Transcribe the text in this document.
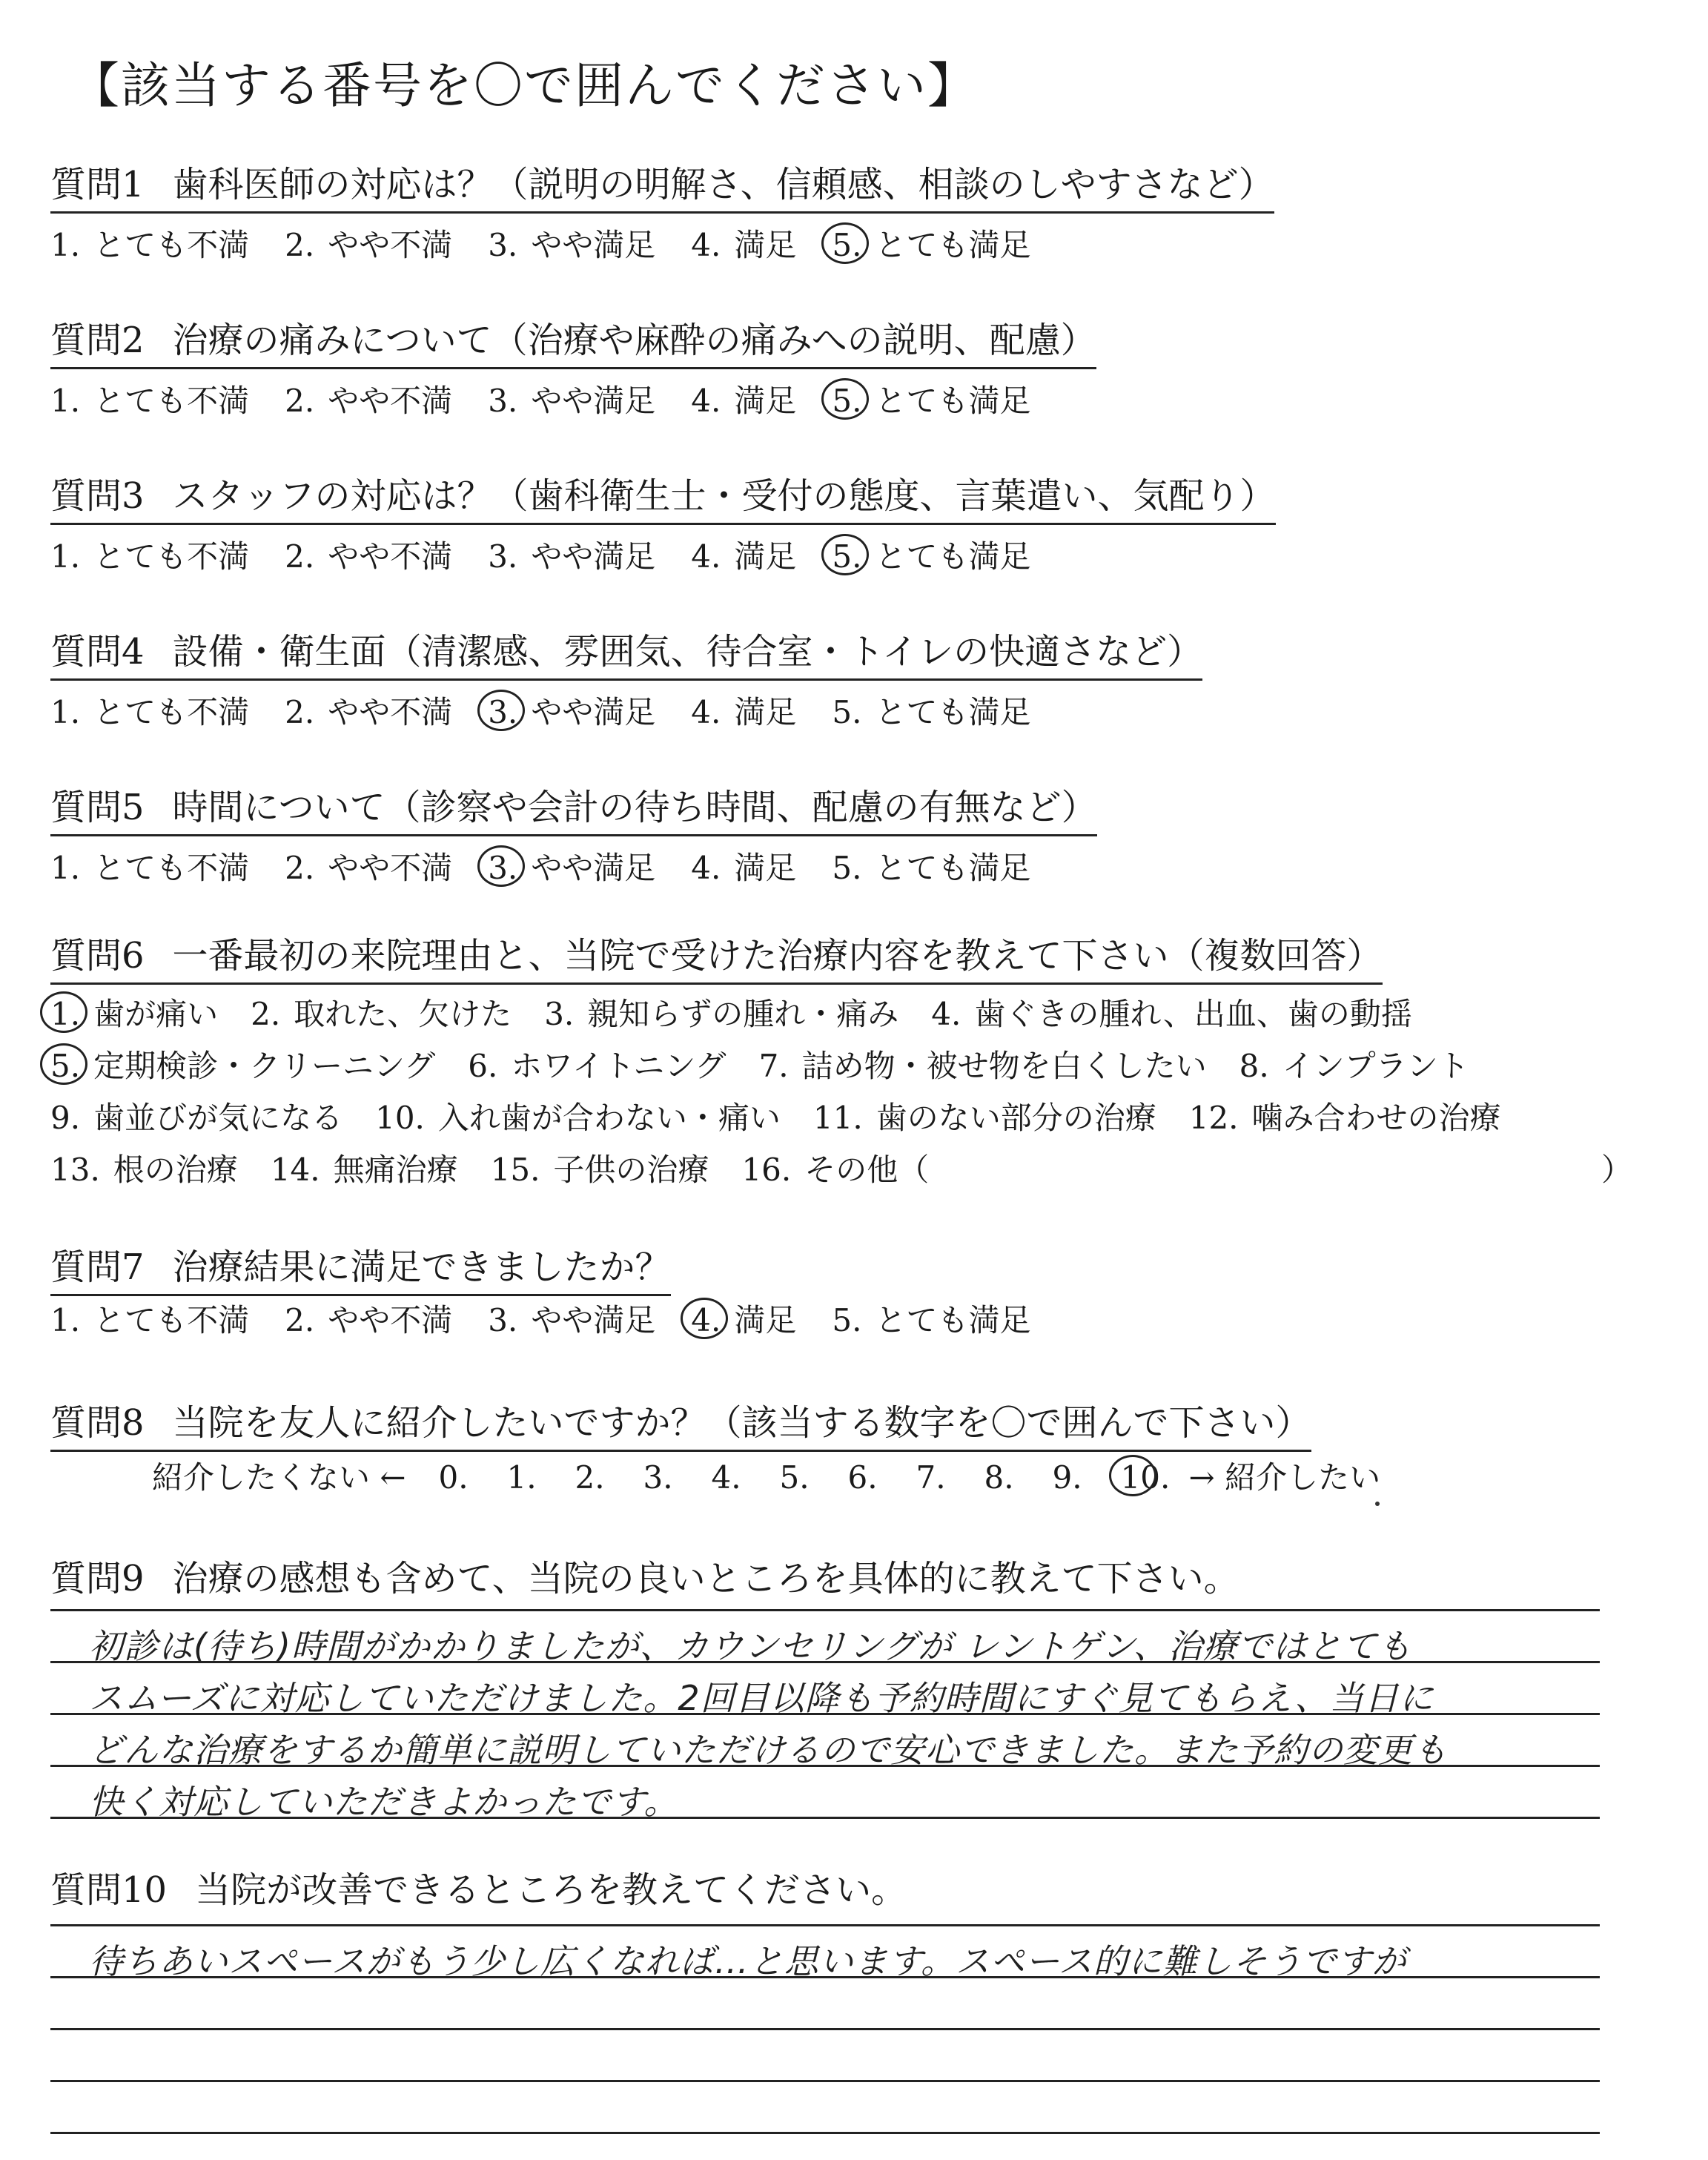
【該当する番号を〇で囲んでください】
質問1 歯科医師の対応は？（説明の明解さ、信頼感、相談のしやすさなど）
1. とても不満 2. やや不満 3. やや満足 4. 満足 5. とても満足
質問2 治療の痛みについて（治療や麻酔の痛みへの説明、配慮）
1. とても不満 2. やや不満 3. やや満足 4. 満足 5. とても満足
質問3 スタッフの対応は？（歯科衛生士・受付の態度、言葉遣い、気配り）
1. とても不満 2. やや不満 3. やや満足 4. 満足 5. とても満足
質問4 設備・衛生面（清潔感、雰囲気、待合室・トイレの快適さなど）
1. とても不満 2. やや不満 3. やや満足 4. 満足 5. とても満足
質問5 時間について（診察や会計の待ち時間、配慮の有無など）
1. とても不満 2. やや不満 3. やや満足 4. 満足 5. とても満足
質問6 一番最初の来院理由と、当院で受けた治療内容を教えて下さい（複数回答）
1. 歯が痛い 2. 取れた、欠けた 3. 親知らずの腫れ・痛み 4. 歯ぐきの腫れ、出血、歯の動揺
5. 定期検診・クリーニング 6. ホワイトニング 7. 詰め物・被せ物を白くしたい 8. インプラント
9. 歯並びが気になる 10. 入れ歯が合わない・痛い 11. 歯のない部分の治療 12. 噛み合わせの治療
13. 根の治療 14. 無痛治療 15. 子供の治療 16. その他（	）
質問7 治療結果に満足できましたか？
1. とても不満 2. やや不満 3. やや満足 4. 満足 5. とても満足
質問8 当院を友人に紹介したいですか？（該当する数字を〇で囲んで下さい）
紹介したくない ← 0. 1. 2. 3. 4. 5. 6. 7. 8. 9. 10. → 紹介したい
質問9 治療の感想も含めて、当院の良いところを具体的に教えて下さい。
初診は(待ち)時間がかかりましたが、カウンセリングが レントゲン、治療ではとても
スムーズに対応していただけました。2回目以降も予約時間にすぐ見てもらえ、当日に
どんな治療をするか簡単に説明していただけるので安心できました。また予約の変更も
快く対応していただきよかったです。
質問10 当院が改善できるところを教えてください。
待ちあいスペースがもう少し広くなれば…と思います。スペース的に難しそうですが
